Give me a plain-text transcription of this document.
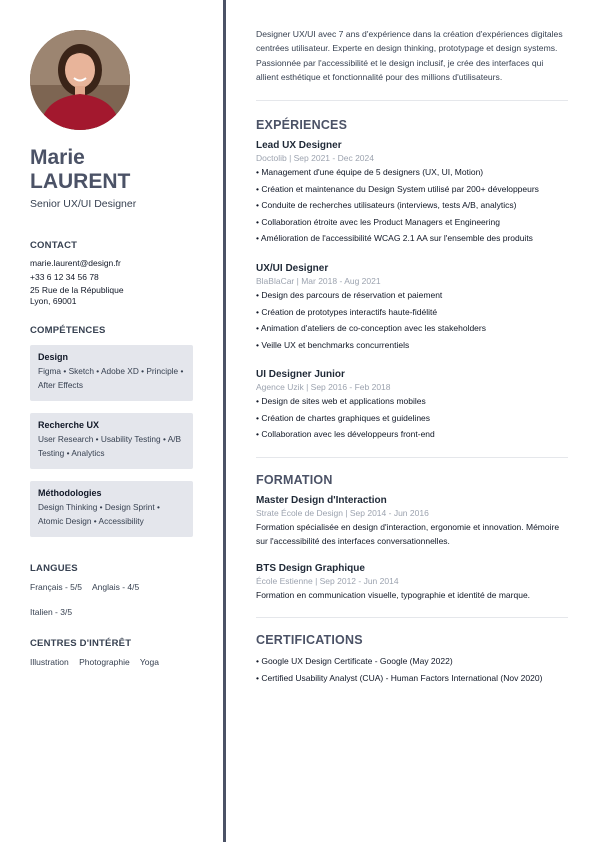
Marie
LAURENT
Senior UX/UI Designer
CONTACT
marie.laurent@design.fr
+33 6 12 34 56 78
25 Rue de la République
Lyon, 69001
COMPÉTENCES
Design
Figma • Sketch • Adobe XD • Principle • After Effects
Recherche UX
User Research • Usability Testing • A/B Testing • Analytics
Méthodologies
Design Thinking • Design Sprint • Atomic Design • Accessibility
LANGUES
Français - 5/5 Anglais - 4/5
Italien - 3/5
CENTRES D'INTÉRÊT
Illustration Photographie Yoga
Designer UX/UI avec 7 ans d'expérience dans la création d'expériences digitales centrées utilisateur. Experte en design thinking, prototypage et design systems. Passionnée par l'accessibilité et le design inclusif, je crée des interfaces qui allient esthétique et fonctionnalité pour des millions d'utilisateurs.
EXPÉRIENCES
Lead UX Designer
Doctolib | Sep 2021 - Dec 2024
• Management d'une équipe de 5 designers (UX, UI, Motion)
• Création et maintenance du Design System utilisé par 200+ développeurs
• Conduite de recherches utilisateurs (interviews, tests A/B, analytics)
• Collaboration étroite avec les Product Managers et Engineering
• Amélioration de l'accessibilité WCAG 2.1 AA sur l'ensemble des produits
UX/UI Designer
BlaBlaCar | Mar 2018 - Aug 2021
• Design des parcours de réservation et paiement
• Création de prototypes interactifs haute-fidélité
• Animation d'ateliers de co-conception avec les stakeholders
• Veille UX et benchmarks concurrentiels
UI Designer Junior
Agence Uzik | Sep 2016 - Feb 2018
• Design de sites web et applications mobiles
• Création de chartes graphiques et guidelines
• Collaboration avec les développeurs front-end
FORMATION
Master Design d'Interaction
Strate École de Design | Sep 2014 - Jun 2016
Formation spécialisée en design d'interaction, ergonomie et innovation. Mémoire sur l'accessibilité des interfaces conversationnelles.
BTS Design Graphique
École Estienne | Sep 2012 - Jun 2014
Formation en communication visuelle, typographie et identité de marque.
CERTIFICATIONS
• Google UX Design Certificate - Google (May 2022)
• Certified Usability Analyst (CUA) - Human Factors International (Nov 2020)
